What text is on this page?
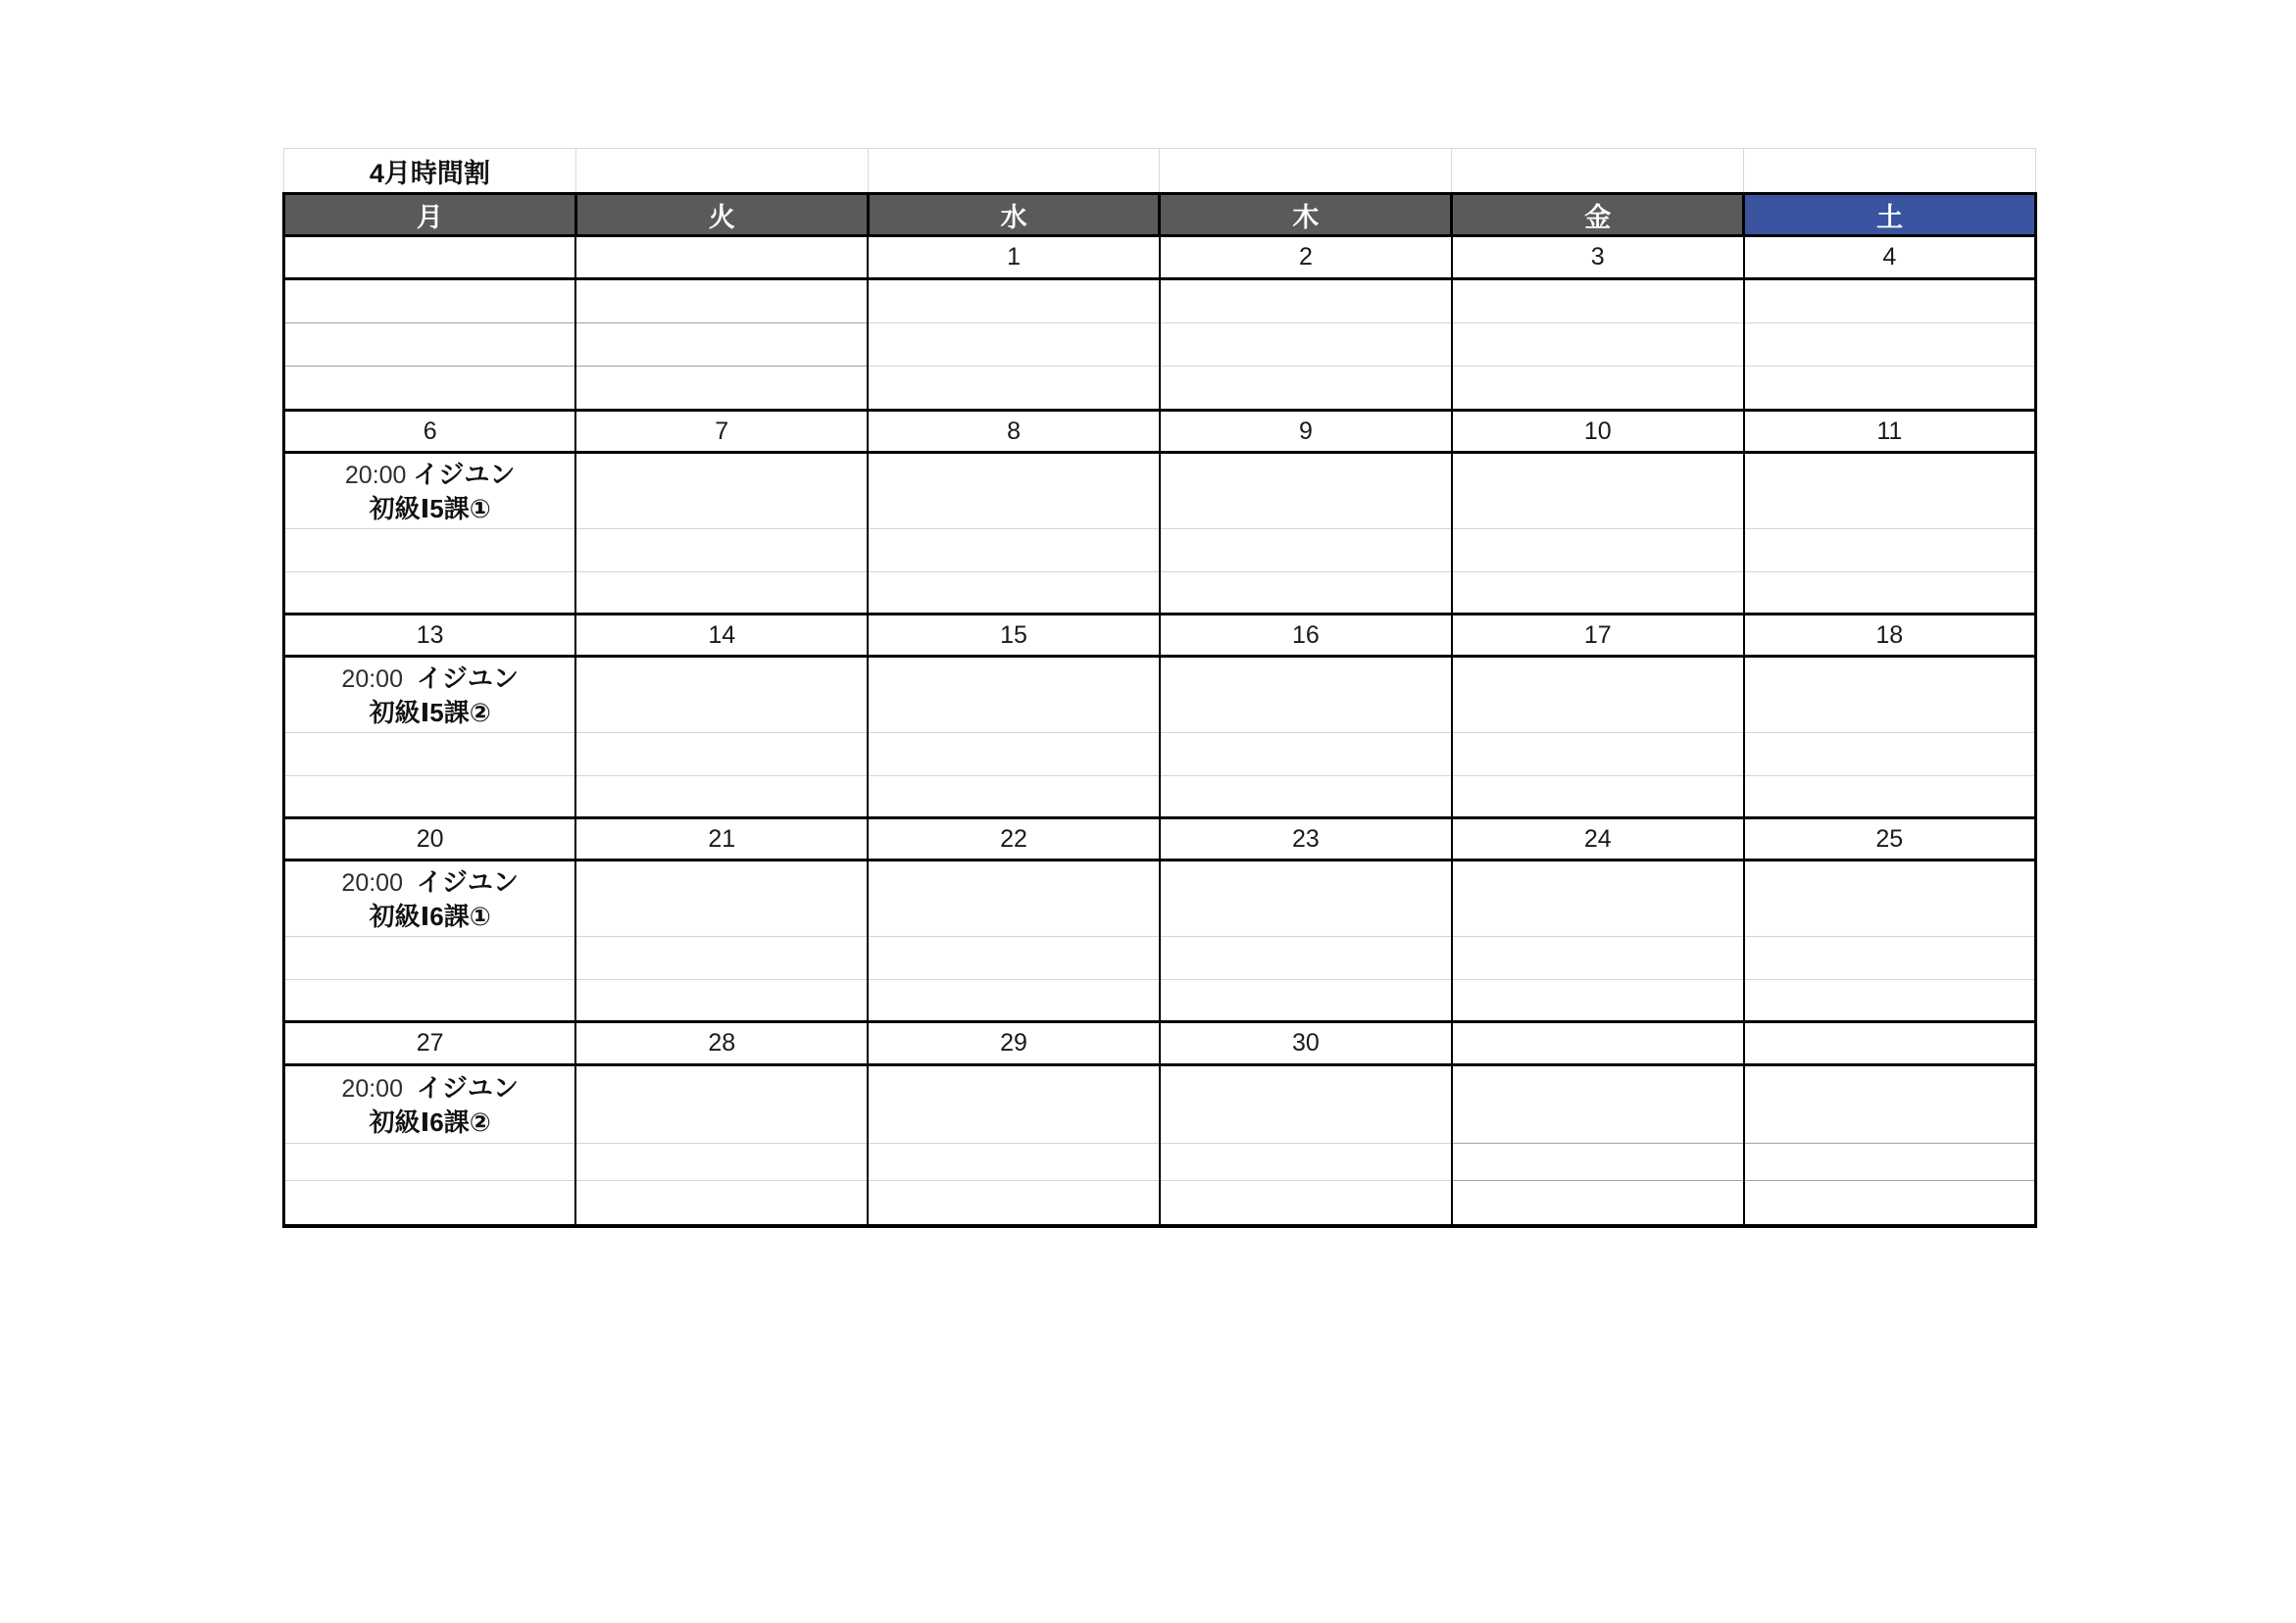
4月時間割					
月	火	水	木	金	土
		1	2	3	4

6	7	8	9	10	11

20:00 イジユン
初級Ⅰ5課①					

13	14	15	16	17	18

20:00 イジユン
初級Ⅰ5課②					

20	21	22	23	24	25

20:00 イジユン
初級Ⅰ6課①					

27	28	29	30		

20:00 イジユン
初級Ⅰ6課②					
